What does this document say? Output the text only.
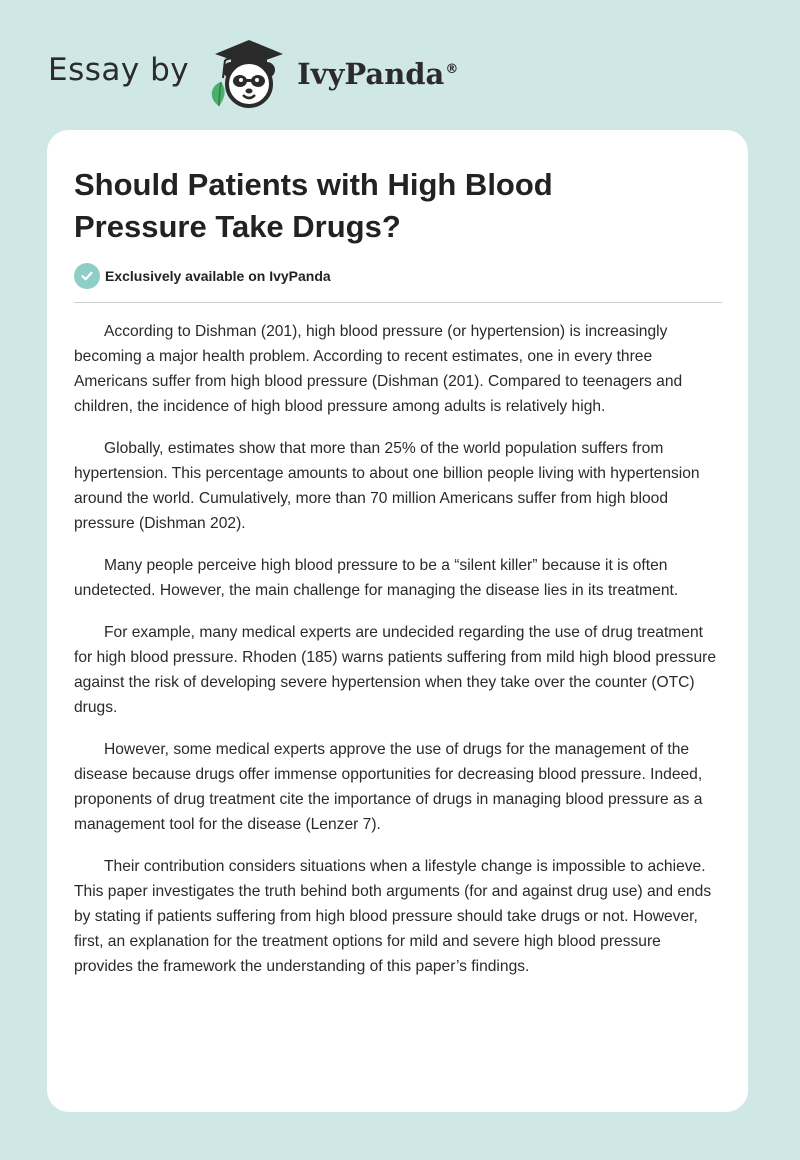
Essay by	IvyPanda®
Should Patients with High Blood Pressure Take Drugs?
Exclusively available on IvyPanda

According to Dishman (201), high blood pressure (or hypertension) is increasingly becoming a major health problem. According to recent estimates, one in every three Americans suffer from high blood pressure (Dishman (201). Compared to teenagers and children, the incidence of high blood pressure among adults is relatively high.

Globally, estimates show that more than 25% of the world population suffers from hypertension. This percentage amounts to about one billion people living with hypertension around the world. Cumulatively, more than 70 million Americans suffer from high blood pressure (Dishman 202).

Many people perceive high blood pressure to be a “silent killer” because it is often undetected. However, the main challenge for managing the disease lies in its treatment.

For example, many medical experts are undecided regarding the use of drug treatment for high blood pressure. Rhoden (185) warns patients suffering from mild high blood pressure against the risk of developing severe hypertension when they take over the counter (OTC) drugs.

However, some medical experts approve the use of drugs for the management of the disease because drugs offer immense opportunities for decreasing blood pressure. Indeed, proponents of drug treatment cite the importance of drugs in managing blood pressure as a management tool for the disease (Lenzer 7).

Their contribution considers situations when a lifestyle change is impossible to achieve. This paper investigates the truth behind both arguments (for and against drug use) and ends by stating if patients suffering from high blood pressure should take drugs or not. However, first, an explanation for the treatment options for mild and severe high blood pressure provides the framework the understanding of this paper’s findings.
